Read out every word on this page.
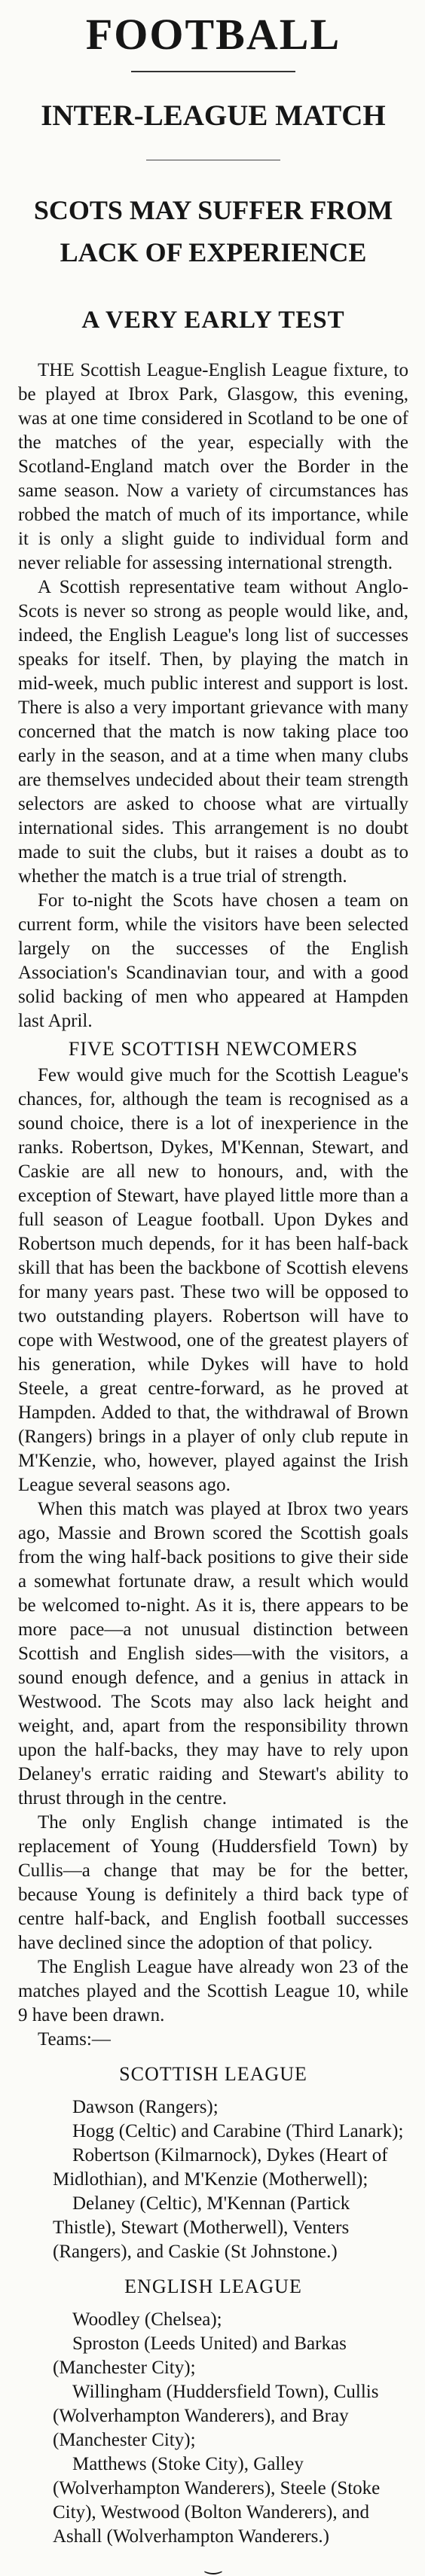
FOOTBALL
INTER-LEAGUE MATCH
SCOTS MAY SUFFER FROM
LACK OF EXPERIENCE
A VERY EARLY TEST

THE Scottish League-English League fixture, to be played at Ibrox Park, Glasgow, this evening, was at one time considered in Scotland to be one of the matches of the year, especially with the Scotland-England match over the Border in the same season. Now a variety of circumstances has robbed the match of much of its importance, while it is only a slight guide to individual form and never reliable for assessing international strength.

A Scottish representative team without Anglo-Scots is never so strong as people would like, and, indeed, the English League's long list of successes speaks for itself. Then, by playing the match in mid-week, much public interest and support is lost. There is also a very important grievance with many concerned that the match is now taking place too early in the season, and at a time when many clubs are themselves undecided about their team strength selectors are asked to choose what are virtually international sides. This arrangement is no doubt made to suit the clubs, but it raises a doubt as to whether the match is a true trial of strength.

For to-night the Scots have chosen a team on current form, while the visitors have been selected largely on the successes of the English Association's Scandinavian tour, and with a good solid backing of men who appeared at Hampden last April.

FIVE SCOTTISH NEWCOMERS

Few would give much for the Scottish League's chances, for, although the team is recognised as a sound choice, there is a lot of inexperience in the ranks. Robertson, Dykes, M'Kennan, Stewart, and Caskie are all new to honours, and, with the exception of Stewart, have played little more than a full season of League football. Upon Dykes and Robertson much depends, for it has been half-back skill that has been the backbone of Scottish elevens for many years past. These two will be opposed to two outstanding players. Robertson will have to cope with Westwood, one of the greatest players of his generation, while Dykes will have to hold Steele, a great centre-forward, as he proved at Hampden. Added to that, the withdrawal of Brown (Rangers) brings in a player of only club repute in M'Kenzie, who, however, played against the Irish League several seasons ago.

When this match was played at Ibrox two years ago, Massie and Brown scored the Scottish goals from the wing half-back positions to give their side a somewhat fortunate draw, a result which would be welcomed to-night. As it is, there appears to be more pace—a not unusual distinction between Scottish and English sides—with the visitors, a sound enough defence, and a genius in attack in Westwood. The Scots may also lack height and weight, and, apart from the responsibility thrown upon the half-backs, they may have to rely upon Delaney's erratic raiding and Stewart's ability to thrust through in the centre.

The only English change intimated is the replacement of Young (Huddersfield Town) by Cullis—a change that may be for the better, because Young is definitely a third back type of centre half-back, and English football successes have declined since the adoption of that policy.

The English League have already won 23 of the matches played and the Scottish League 10, while 9 have been drawn.

Teams:—

SCOTTISH LEAGUE

Dawson (Rangers);

Hogg (Celtic) and Carabine (Third Lanark);

Robertson (Kilmarnock), Dykes (Heart of Midlothian), and M'Kenzie (Motherwell);

Delaney (Celtic), M'Kennan (Partick Thistle), Stewart (Motherwell), Venters (Rangers), and Caskie (St Johnstone.)

ENGLISH LEAGUE

Woodley (Chelsea);

Sproston (Leeds United) and Barkas (Manchester City);

Willingham (Huddersfield Town), Cullis (Wolverhampton Wanderers), and Bray (Manchester City);

Matthews (Stoke City), Galley (Wolverhampton Wanderers), Steele (Stoke City), Westwood (Bolton Wanderers), and Ashall (Wolverhampton Wanderers.)

‿
